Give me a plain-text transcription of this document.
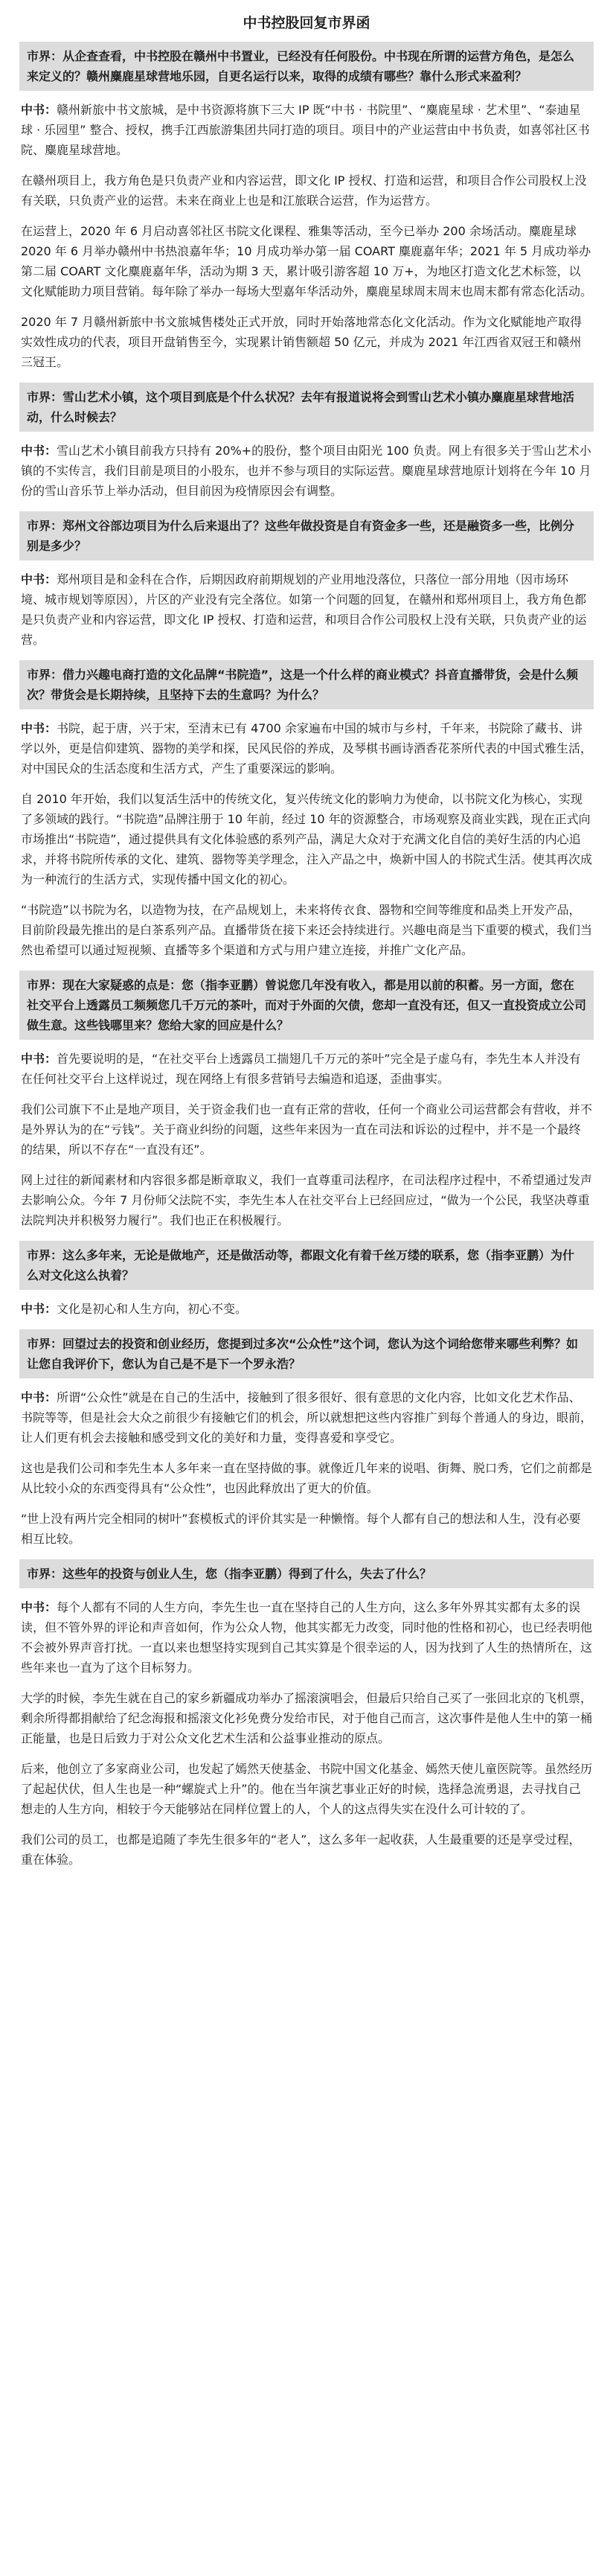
中书控股回复市界函
市界：从企查查看，中书控股在赣州中书置业，已经没有任何股份。中书现在所谓的运营方角色，是怎么来定义的？赣州麋鹿星球营地乐园，自更名运行以来，取得的成绩有哪些？靠什么形式来盈利？
中书：赣州新旅中书文旅城，是中书资源将旗下三大 IP 既“中书 · 书院里”、“麋鹿星球 · 艺术里”、“泰迪星球 · 乐园里” 整合、授权，携手江西旅游集团共同打造的项目。项目中的产业运营由中书负责，如喜邻社区书院、麋鹿星球营地。
在赣州项目上，我方角色是只负责产业和内容运营，即文化 IP 授权、打造和运营，和项目合作公司股权上没有关联，只负责产业的运营。未来在商业上也是和江旅联合运营，作为运营方。
在运营上，2020 年 6 月启动喜邻社区书院文化课程、雅集等活动，至今已举办 200 余场活动。麋鹿星球 2020 年 6 月举办赣州中书热浪嘉年华；10 月成功举办第一届 COART 麋鹿嘉年华；2021 年 5 月成功举办第二届 COART 文化麋鹿嘉年华，活动为期 3 天，累计吸引游客超 10 万+，为地区打造文化艺术标签，以文化赋能助力项目营销。每年除了举办一每场大型嘉年华活动外，麋鹿星球周末周末也周末都有常态化活动。
2020 年 7 月赣州新旅中书文旅城售楼处正式开放，同时开始落地常态化文化活动。作为文化赋能地产取得实效性成功的代表，项目开盘销售至今，实现累计销售额超 50 亿元，并成为 2021 年江西省双冠王和赣州三冠王。
市界：雪山艺术小镇，这个项目到底是个什么状况？去年有报道说将会到雪山艺术小镇办麋鹿星球营地活动，什么时候去？
中书：雪山艺术小镇目前我方只持有 20%+的股份，整个项目由阳光 100 负责。网上有很多关于雪山艺术小镇的不实传言，我们目前是项目的小股东，也并不参与项目的实际运营。麋鹿星球营地原计划将在今年 10 月份的雪山音乐节上举办活动，但目前因为疫情原因会有调整。
市界：郑州文谷部边项目为什么后来退出了？这些年做投资是自有资金多一些，还是融资多一些，比例分别是多少？
中书：郑州项目是和金科在合作，后期因政府前期规划的产业用地没落位，只落位一部分用地（因市场环境、城市规划等原因），片区的产业没有完全落位。如第一个问题的回复，在赣州和郑州项目上，我方角色都是只负责产业和内容运营，即文化 IP 授权、打造和运营，和项目合作公司股权上没有关联，只负责产业的运营。
市界：借力兴趣电商打造的文化品牌“书院造”，这是一个什么样的商业模式？抖音直播带货，会是什么频次？带货会是长期持续，且坚持下去的生意吗？为什么？
中书：书院，起于唐，兴于宋，至清末已有 4700 余家遍布中国的城市与乡村，千年来，书院除了藏书、讲学以外，更是信仰建筑、器物的美学和探，民风民俗的养成，及琴棋书画诗酒香花茶所代表的中国式雅生活，对中国民众的生活态度和生活方式，产生了重要深远的影响。
自 2010 年开始，我们以复活生活中的传统文化，复兴传统文化的影响力为使命，以书院文化为核心，实现了多领域的践行。“书院造”品牌注册于 10 年前，经过 10 年的资源整合，市场观察及商业实践，现在正式向市场推出“书院造”，通过提供具有文化体验感的系列产品，满足大众对于充满文化自信的美好生活的内心追求，并将书院所传承的文化、建筑、器物等美学理念，注入产品之中，焕新中国人的书院式生活。使其再次成为一种流行的生活方式，实现传播中国文化的初心。
“书院造”以书院为名，以造物为技，在产品规划上，未来将传衣食、器物和空间等维度和品类上开发产品，目前阶段最先推出的是白茶系列产品。直播带货在接下来还会持续进行。兴趣电商是当下重要的模式，我们当然也希望可以通过短视频、直播等多个渠道和方式与用户建立连接，并推广文化产品。
市界：现在大家疑惑的点是：您（指李亚鹏）曾说您几年没有收入，都是用以前的积蓄。另一方面，您在社交平台上透露员工频频您几千万元的茶叶，而对于外面的欠债，您却一直没有还，但又一直投资成立公司做生意。这些钱哪里来？您给大家的回应是什么？
中书：首先要说明的是，“在社交平台上透露员工揣翅几千万元的茶叶”完全是子虚乌有，李先生本人并没有在任何社交平台上这样说过，现在网络上有很多营销号去编造和追逐，歪曲事实。
我们公司旗下不止是地产项目，关于资金我们也一直有正常的营收，任何一个商业公司运营都会有营收，并不是外界认为的在“亏钱”。关于商业纠纷的问题，这些年来因为一直在司法和诉讼的过程中，并不是一个最终的结果，所以不存在“一直没有还”。
网上过往的新闻素材和内容很多都是断章取义，我们一直尊重司法程序，在司法程序过程中，不希望通过发声去影响公众。今年 7 月份师父法院不实，李先生本人在社交平台上已经回应过，“做为一个公民，我坚决尊重法院判决并积极努力履行”。我们也正在积极履行。
市界：这么多年来，无论是做地产，还是做活动等，都跟文化有着千丝万缕的联系，您（指李亚鹏）为什么对文化这么执着？
中书：文化是初心和人生方向，初心不变。
市界：回望过去的投资和创业经历，您提到过多次“公众性”这个词，您认为这个词给您带来哪些利弊？如让您自我评价下，您认为自己是不是下一个罗永浩？
中书：所谓“公众性”就是在自己的生活中，接触到了很多很好、很有意思的文化内容，比如文化艺术作品、书院等等，但是社会大众之前很少有接触它们的机会，所以就想把这些内容推广到每个普通人的身边，眼前，让人们更有机会去接触和感受到文化的美好和力量，变得喜爱和享受它。
这也是我们公司和李先生本人多年来一直在坚持做的事。就像近几年来的说唱、街舞、脱口秀，它们之前都是从比较小众的东西变得具有“公众性”，也因此释放出了更大的价值。
“世上没有两片完全相同的树叶”套模板式的评价其实是一种懒惰。每个人都有自己的想法和人生，没有必要相互比较。
市界：这些年的投资与创业人生，您（指李亚鹏）得到了什么，失去了什么？
中书：每个人都有不同的人生方向，李先生也一直在坚持自己的人生方向，这么多年外界其实都有太多的误读，但不管外界的评论和声音如何，作为公众人物，他其实都无力改变，同时他的性格和初心，也已经表明他不会被外界声音打扰。一直以来也想坚持实现到自己其实算是个很幸运的人，因为找到了人生的热情所在，这些年来也一直为了这个目标努力。
大学的时候，李先生就在自己的家乡新疆成功举办了摇滚演唱会，但最后只给自己买了一张回北京的飞机票，剩余所得都捐献给了纪念海报和摇滚文化衫免费分发给市民，对于他自己而言，这次事件是他人生中的第一桶正能量，也是日后致力于对公众文化艺术生活和公益事业推动的原点。
后来，他创立了多家商业公司，也发起了嫣然天使基金、书院中国文化基金、嫣然天使儿童医院等。虽然经历了起起伏伏，但人生也是一种“螺旋式上升”的。他在当年演艺事业正好的时候，选择急流勇退，去寻找自己想走的人生方向，相较于今天能够站在同样位置上的人，个人的这点得失实在没什么可计较的了。
我们公司的员工，也都是追随了李先生很多年的“老人”，这么多年一起收获，人生最重要的还是享受过程，重在体验。
